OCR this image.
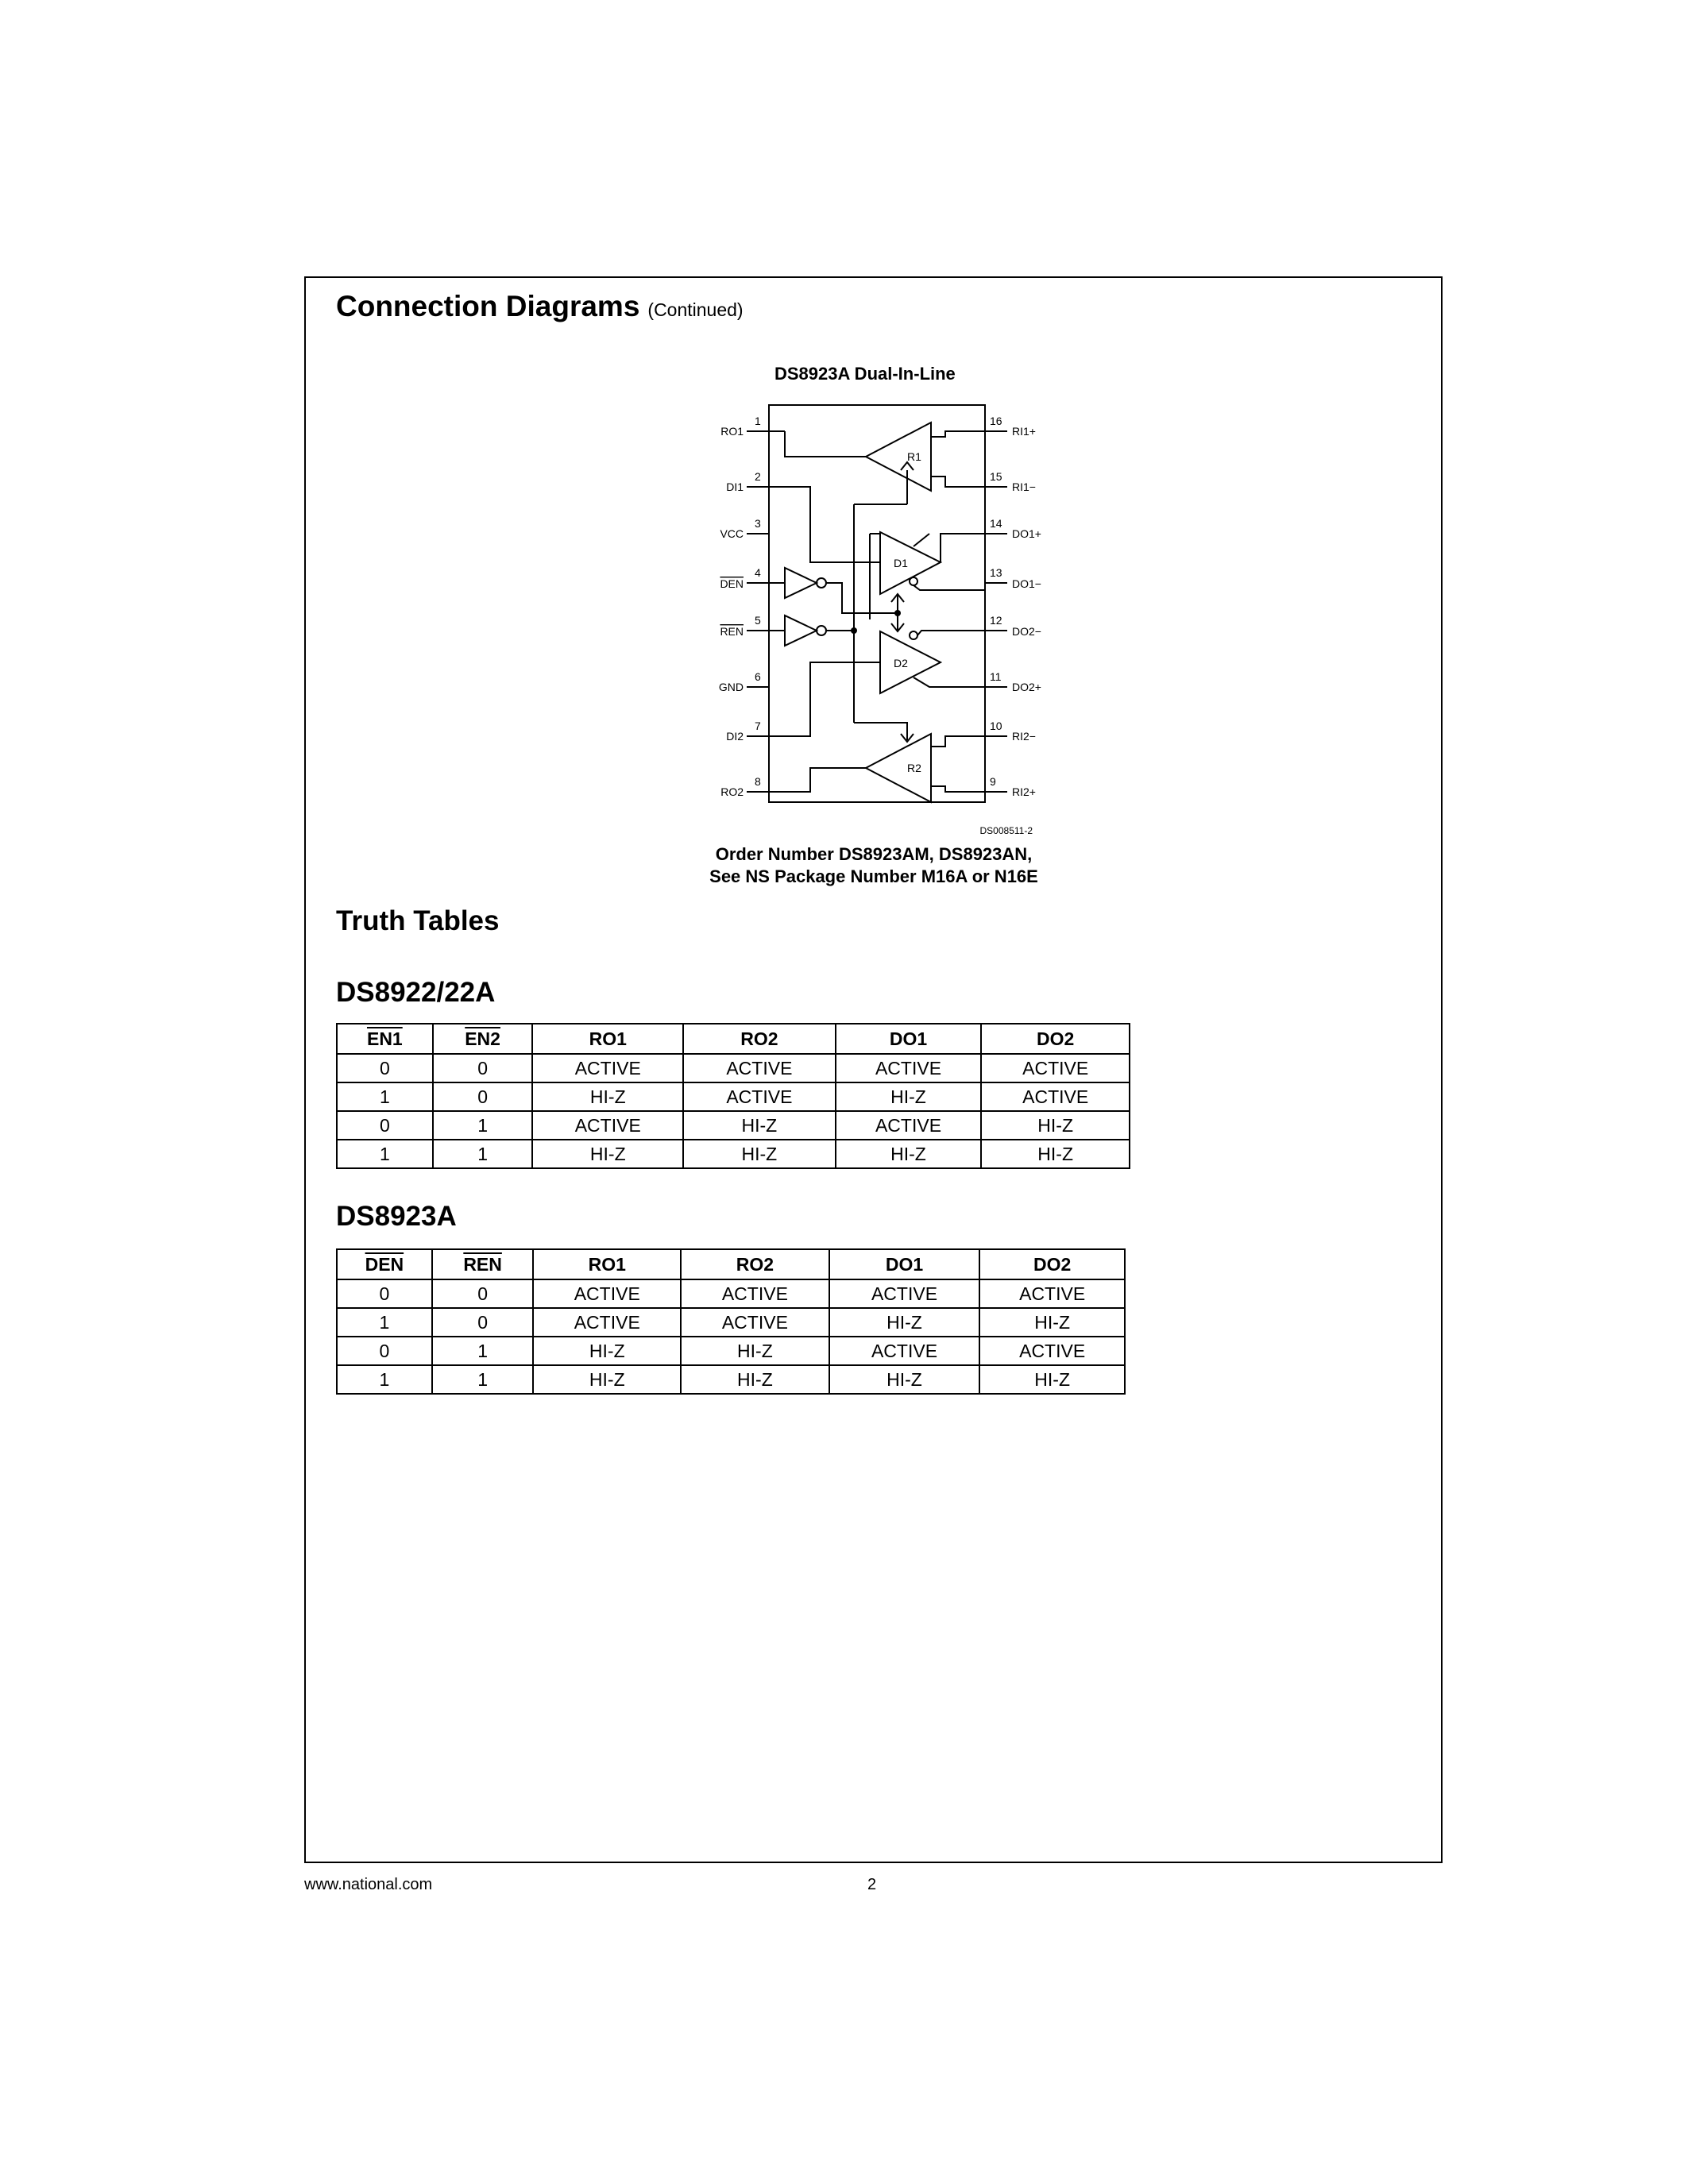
Connection Diagrams (Continued)
DS8923A Dual-In-Line
R1
D1
D2
R2
1
2
3
4
5
6
7
8
RO1
DI1
VCC
DEN
REN
GND
DI2
RO2
16
15
14
13
12
11
10
9
RI1+
RI1−
DO1+
DO1−
DO2−
DO2+
RI2−
RI2+
DS008511-2
Order Number DS8923AM, DS8923AN,
See NS Package Number M16A or N16E
Truth Tables
DS8922/22A
EN1	EN2	RO1	RO2	DO1	DO2
0	0	ACTIVE	ACTIVE	ACTIVE	ACTIVE
1	0	HI-Z	ACTIVE	HI-Z	ACTIVE
0	1	ACTIVE	HI-Z	ACTIVE	HI-Z
1	1	HI-Z	HI-Z	HI-Z	HI-Z
DS8923A
$\overline{DEN}$	$\overline{REN}$	RO1	RO2	DO1	DO2
0	0	ACTIVE	ACTIVE	ACTIVE	ACTIVE
1	0	ACTIVE	ACTIVE	HI-Z	HI-Z
0	1	HI-Z	HI-Z	ACTIVE	ACTIVE
1	1	HI-Z	HI-Z	HI-Z	HI-Z
www.national.com	2
